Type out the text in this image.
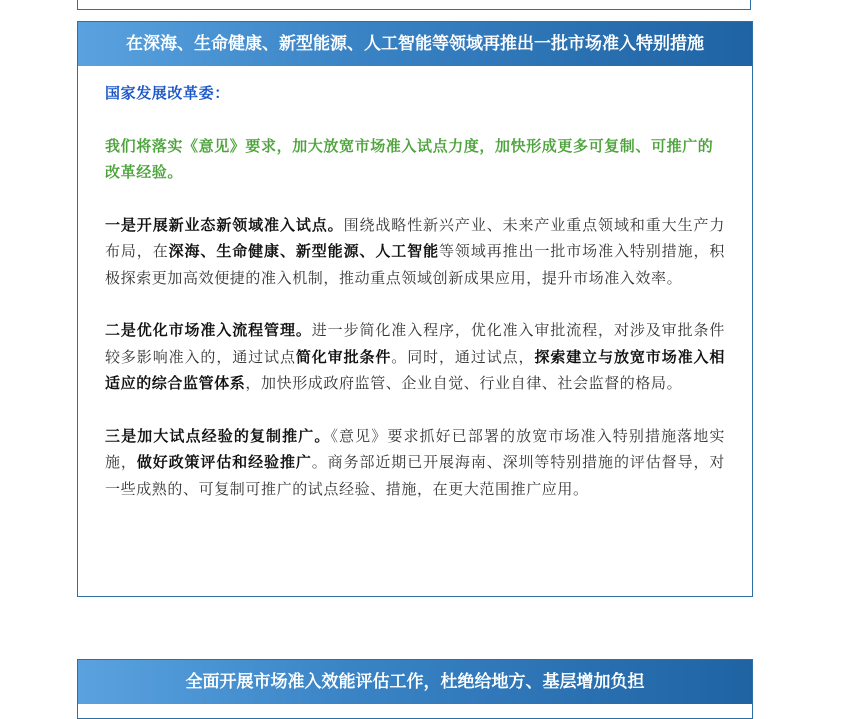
在深海、生命健康、新型能源、人工智能等领域再推出一批市场准入特别措施

国家发展改革委：

我们将落实《意见》要求，加大放宽市场准入试点力度，加快形成更多可复制、可推广的改革经验。

一是开展新业态新领域准入试点。围绕战略性新兴产业、未来产业重点领域和重大生产力布局，在深海、生命健康、新型能源、人工智能等领域再推出一批市场准入特别措施，积极探索更加高效便捷的准入机制，推动重点领域创新成果应用，提升市场准入效率。

二是优化市场准入流程管理。进一步简化准入程序，优化准入审批流程，对涉及审批条件较多影响准入的，通过试点简化审批条件。同时，通过试点，探索建立与放宽市场准入相适应的综合监管体系，加快形成政府监管、企业自觉、行业自律、社会监督的格局。

三是加大试点经验的复制推广。《意见》要求抓好已部署的放宽市场准入特别措施落地实施，做好政策评估和经验推广。商务部近期已开展海南、深圳等特别措施的评估督导，对一些成熟的、可复制可推广的试点经验、措施，在更大范围推广应用。

全面开展市场准入效能评估工作，杜绝给地方、基层增加负担
